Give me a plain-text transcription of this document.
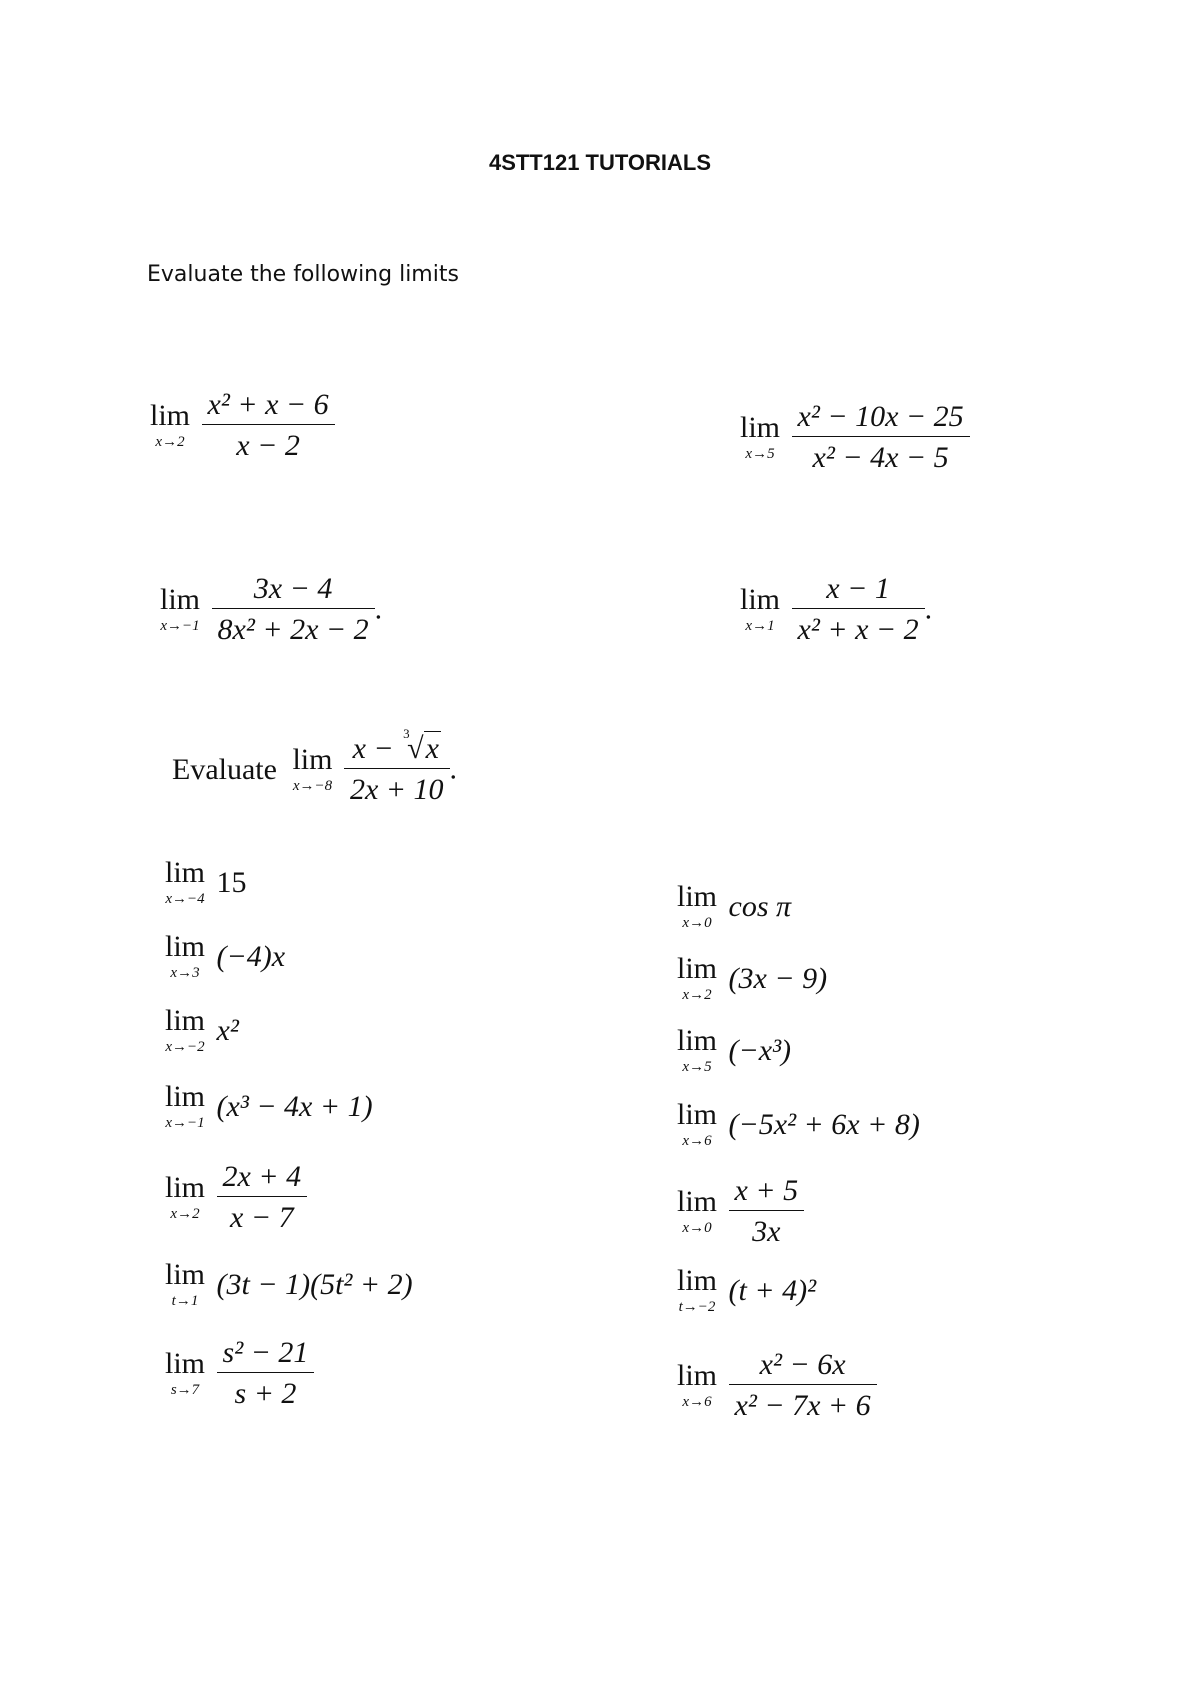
4STT121 TUTORIALS
Evaluate the following limits
lim
x→2
$\frac{\text{x² + x − 6}}{x - 2}$	lim
x→5
$\frac{\text{x² − 10x − 25}}{\text{x² − 4x − 5}}$
lim
x→−1
$\frac{3x - 4}{\text{8x² + 2x − 2}}$ .	lim
x→1
$\frac{x - 1}{\text{x² + x − 2}}$ .
Evaluate lim
x→−8
x − 3
√x
2x + 10 .
lim
x→−4 15
lim
x→3 (−4)x
lim
x→−2 x²
lim
x→−1 (x³ − 4x + 1)
lim
x→2
$\frac{2x + 4}{x - 7}$
lim
t→1 (3t − 1)(5t² + 2)
lim
s→7
$\frac{\text{s² − 21}}{s + 2}$
lim
x→0 cos π
lim
x→2 (3x − 9)
lim
x→5 (−x³)
lim
x→6 (−5x² + 6x + 8)
lim
x→0
$\frac{x + 5}{3x}$
lim
t→−2 (t + 4)²
lim
x→6
$\frac{\text{x² − 6x}}{\text{x² − 7x + 6}}$
